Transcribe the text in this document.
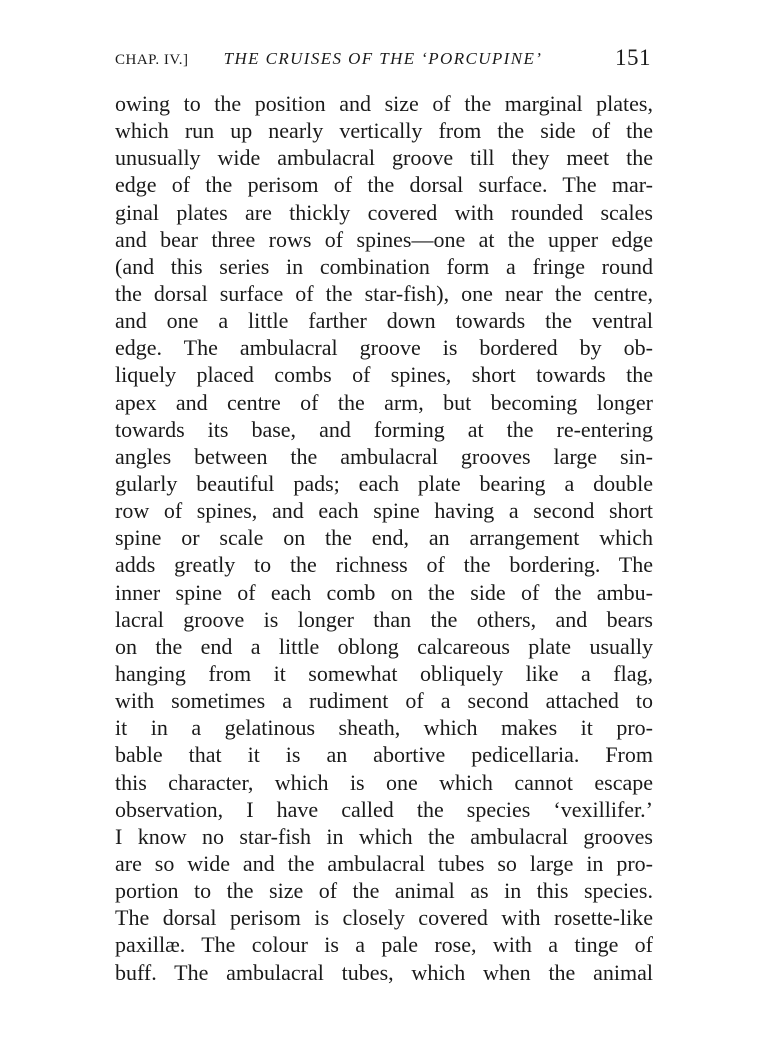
CHAP. IV.]	THE CRUISES OF THE ‘PORCUPINE’	151
owing to the position and size of the marginal plates,
which run up nearly vertically from the side of the
unusually wide ambulacral groove till they meet the
edge of the perisom of the dorsal surface. The mar-
ginal plates are thickly covered with rounded scales
and bear three rows of spines—one at the upper edge
(and this series in combination form a fringe round
the dorsal surface of the star-fish), one near the centre,
and one a little farther down towards the ventral
edge. The ambulacral groove is bordered by ob-
liquely placed combs of spines, short towards the
apex and centre of the arm, but becoming longer
towards its base, and forming at the re-entering
angles between the ambulacral grooves large sin-
gularly beautiful pads; each plate bearing a double
row of spines, and each spine having a second short
spine or scale on the end, an arrangement which
adds greatly to the richness of the bordering. The
inner spine of each comb on the side of the ambu-
lacral groove is longer than the others, and bears
on the end a little oblong calcareous plate usually
hanging from it somewhat obliquely like a flag,
with sometimes a rudiment of a second attached to
it in a gelatinous sheath, which makes it pro-
bable that it is an abortive pedicellaria. From
this character, which is one which cannot escape
observation, I have called the species ‘vexillifer.’
I know no star-fish in which the ambulacral grooves
are so wide and the ambulacral tubes so large in pro-
portion to the size of the animal as in this species.
The dorsal perisom is closely covered with rosette-like
paxillæ. The colour is a pale rose, with a tinge of
buff. The ambulacral tubes, which when the animal
